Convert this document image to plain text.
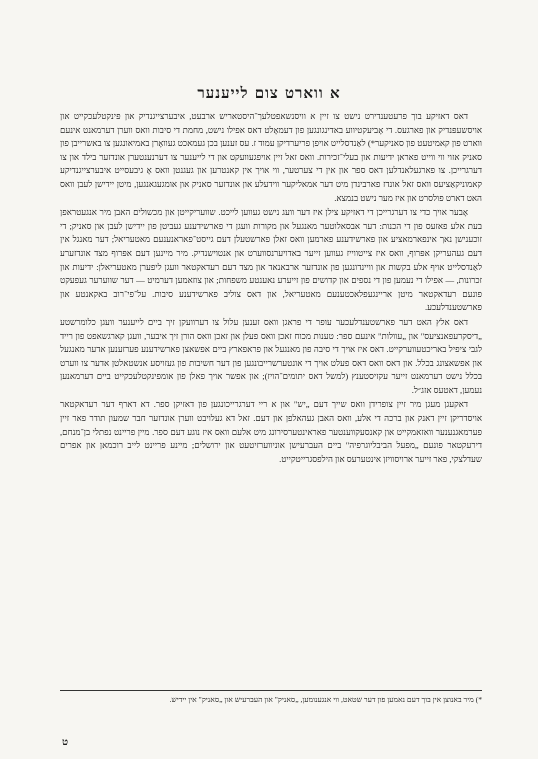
א ווארט צום לייענער

דאס דאזיקע בוך פרעטענדירט נישט צו זיין א וויסנשאפטלעך־היסטאריש ארבעט, איבערצייגנדיק און פּינקטלעכקייט און אויסשעפּנדיק און פארגעס. די אָביעקטיווע באדינגונגען פון דעמאָלט דאס אפילו נישט, מחמת די סיבות וואס ווערן דערמאנט אינעם ווארט פון קאמיטעט פון סאניקער*) לאַנדסלייט אויפן פריערדיקן עמוד ז. עס זענען בכן געמאכט געוואָרן באמיאונגען צו באשרייבן פון סאניק אזוי ווי ווייט פאראן ידיעות און בעלי־זכירות. וואס זאל זיין אויפגעוועקט און די לייענער צו דערנענטערן אונדזער בילד און צו דערגרייכן. צו פארגעלאנדלען דאס ספר און אין די צערטער, ווי אויך אין קאנטרען און געגנטן וואס אָ גיבעסייט איבערצייגנדיקע קאמוניקאַציעס וואס זאל אונדז פארבינדן מיט דער אמאליקער ווידעלע און אונדזער סאניק און אומגעגאנגען, מיטן יידישן לעבן וואס האט דארט פולסרט און איז מער נישט בנמצא.

אָבער אויך כדי צו דערגרייכן די דאזיקע צילן איז דער וועג נישט געווען לייכט. שוועריקייטן און מכשולים האבן מיר אנגעטראפן בעת אלע פאזעס פון די הכנות: דער אבסאלוטער מאנגעל און מקורות וועגן די פארשידענע געביטן פון יידישן לעבן און סאניק; די זוכענישן נאך אינפארמאציע און פארשידענע פארמען וואס זאלן פארשטעלן דעם גייסט־פאראנענעם מאטעריאל; דער מאנגל אין דעם געהעריקן אפּרוף, וואס איז צייטווייז געווען זייער באדויערנסווערט און אנטוישנדיק. מיר מיינען דעם אפּרוף מצד אונדזערע לאַנדסלייט אויף אלע בקשות און וויינדונגען פון אונדזער ארבאנאד און מצד דעם רעדאקטאר וועגן ליפערן מאטעריאלן: ידיעות און זכרונות, — אפילו די נעמען פון די נספים און קדושים פון זייערע נאענטע משפחות; און צוזאמען דערמיט — דער שווערער געפעקט פונעם רעדאקטאר מיטן אריינגעפלאכטענעם מאטעריאל, און דאס צוליב פארשידענע סיבות. על־פי־רוב באקאנטע און פארשטענדלעכע.

דאס אלץ האט דער פארשטענדלעכער עופר די פראגן וואס זענען עלול צו דערוועקן זיך ביים לייענער וועגן כלומרשטע „דיסקרעפאנציעס" און „עוולות" אינעם ספר: טענות מכוח זאכן וואס פעלן און זאכן וואס הורן זיך איבער, וועגן קארגשאפט פון רייד לגבי ציפיל באריכטעווערקייט. דאס איז אויך די סיבה פון מאנגעל און פראפארץ ביים אפשאצן פארשידענע פערזענען אדער מאנגעל און אפשאצונג בכלל. און דאס וואס דאס פעלט אויך די אונטערשרייבונגען פון דער חשיבות פון געזויסע אנשטאלטן אדער צו ווערט בכלל נישט דערמאנט זייער עקזיסטענץ (למשל דאס יתומים־הויז); און אפשר אויך פאלן פון אומפינקטלעכקייט ביים דערמאנען נעמען, דאטעס אזג״ל.

דאקעגן מעגן מיר זיין צופרידן וואס שייך דעם „יש" און א ריי דערגרייכונגען פון דאזיקן ספר. דא דארף דער רעדאקטאר אויסדריקן זיין דאנק און ברכה די אלע, וואס האבן געהאלפן און דעם. זאל דא געלויבט ווערן אונדזער חבר שמעון תודר פאר זיין פערמאגנענער וואזאמקייט און קאנסעקווענטער פאראינטערסירונג מיט אלעם וואס איז נוגע דעם ספר. מיין פריינט נפתלי בן־מנחם, דירעקטאר פונעם „מפעל הביבליוגרפיה" ביים העברעישן אוניווערזיטעט און ירושלים; מיינע פריינט לייב רוכמאן און אפרים שעדלצקי, פאר זייער ארויסוויזן אינטערעס און הילפסגרייטקייט.

*) מיר באנוצן אין בוך דעם נאמען פון דער שטאט, ווי אנגענומען, „סאניק" און העברעיש און „סאניק" אין יידיש.
ט
